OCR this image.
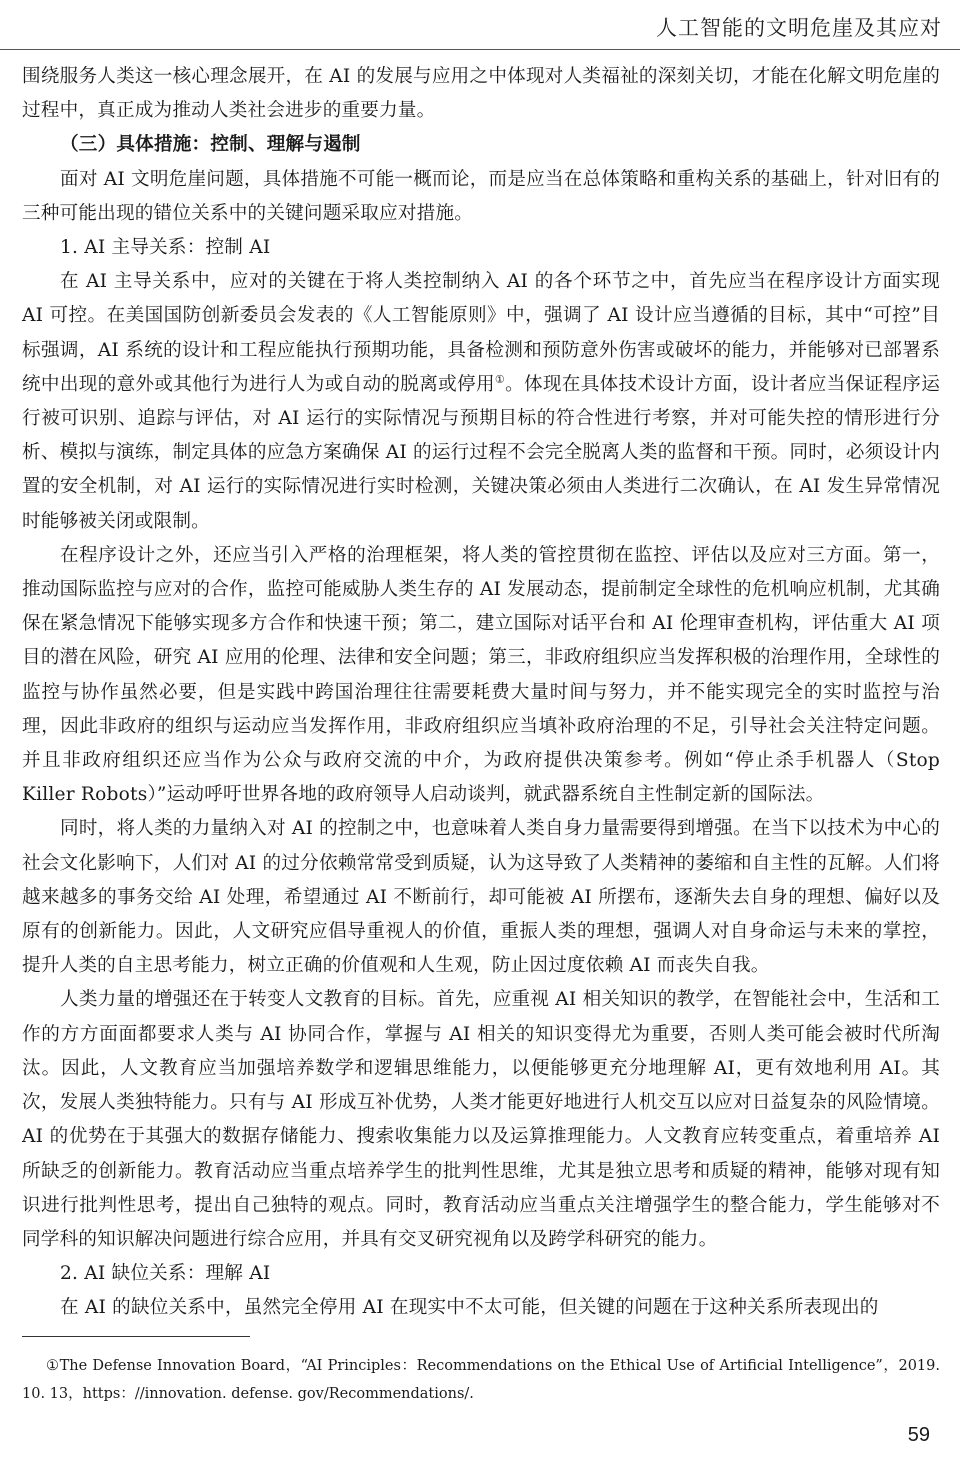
人工智能的文明危崖及其应对

围绕服务人类这一核心理念展开，在 AI 的发展与应用之中体现对人类福祉的深刻关切，才能在化解文明危崖的过程中，真正成为推动人类社会进步的重要力量。

（三）具体措施：控制、理解与遏制

面对 AI 文明危崖问题，具体措施不可能一概而论，而是应当在总体策略和重构关系的基础上，针对旧有的三种可能出现的错位关系中的关键问题采取应对措施。

1. AI 主导关系：控制 AI

在 AI 主导关系中，应对的关键在于将人类控制纳入 AI 的各个环节之中，首先应当在程序设计方面实现 AI 可控。在美国国防创新委员会发表的《人工智能原则》中，强调了 AI 设计应当遵循的目标，其中“可控”目标强调，AI 系统的设计和工程应能执行预期功能，具备检测和预防意外伤害或破坏的能力，并能够对已部署系统中出现的意外或其他行为进行人为或自动的脱离或停用①。体现在具体技术设计方面，设计者应当保证程序运行被可识别、追踪与评估，对 AI 运行的实际情况与预期目标的符合性进行考察，并对可能失控的情形进行分析、模拟与演练，制定具体的应急方案确保 AI 的运行过程不会完全脱离人类的监督和干预。同时，必须设计内置的安全机制，对 AI 运行的实际情况进行实时检测，关键决策必须由人类进行二次确认，在 AI 发生异常情况时能够被关闭或限制。

在程序设计之外，还应当引入严格的治理框架，将人类的管控贯彻在监控、评估以及应对三方面。第一，推动国际监控与应对的合作，监控可能威胁人类生存的 AI 发展动态，提前制定全球性的危机响应机制，尤其确保在紧急情况下能够实现多方合作和快速干预；第二，建立国际对话平台和 AI 伦理审查机构，评估重大 AI 项目的潜在风险，研究 AI 应用的伦理、法律和安全问题；第三，非政府组织应当发挥积极的治理作用，全球性的监控与协作虽然必要，但是实践中跨国治理往往需要耗费大量时间与努力，并不能实现完全的实时监控与治理，因此非政府的组织与运动应当发挥作用，非政府组织应当填补政府治理的不足，引导社会关注特定问题。并且非政府组织还应当作为公众与政府交流的中介，为政府提供决策参考。例如“停止杀手机器人（Stop Killer Robots）”运动呼吁世界各地的政府领导人启动谈判，就武器系统自主性制定新的国际法。

同时，将人类的力量纳入对 AI 的控制之中，也意味着人类自身力量需要得到增强。在当下以技术为中心的社会文化影响下，人们对 AI 的过分依赖常常受到质疑，认为这导致了人类精神的萎缩和自主性的瓦解。人们将越来越多的事务交给 AI 处理，希望通过 AI 不断前行，却可能被 AI 所摆布，逐渐失去自身的理想、偏好以及原有的创新能力。因此，人文研究应倡导重视人的价值，重振人类的理想，强调人对自身命运与未来的掌控，提升人类的自主思考能力，树立正确的价值观和人生观，防止因过度依赖 AI 而丧失自我。

人类力量的增强还在于转变人文教育的目标。首先，应重视 AI 相关知识的教学，在智能社会中，生活和工作的方方面面都要求人类与 AI 协同合作，掌握与 AI 相关的知识变得尤为重要，否则人类可能会被时代所淘汰。因此，人文教育应当加强培养数学和逻辑思维能力，以便能够更充分地理解 AI，更有效地利用 AI。其次，发展人类独特能力。只有与 AI 形成互补优势，人类才能更好地进行人机交互以应对日益复杂的风险情境。AI 的优势在于其强大的数据存储能力、搜索收集能力以及运算推理能力。人文教育应转变重点，着重培养 AI 所缺乏的创新能力。教育活动应当重点培养学生的批判性思维，尤其是独立思考和质疑的精神，能够对现有知识进行批判性思考，提出自己独特的观点。同时，教育活动应当重点关注增强学生的整合能力，学生能够对不同学科的知识解决问题进行综合应用，并具有交叉研究视角以及跨学科研究的能力。

2. AI 缺位关系：理解 AI

在 AI 的缺位关系中，虽然完全停用 AI 在现实中不太可能，但关键的问题在于这种关系所表现出的

①The Defense Innovation Board，“AI Principles：Recommendations on the Ethical Use of Artificial Intelligence”，2019. 10. 13，https：//innovation. defense. gov/Recommendations/.

59
